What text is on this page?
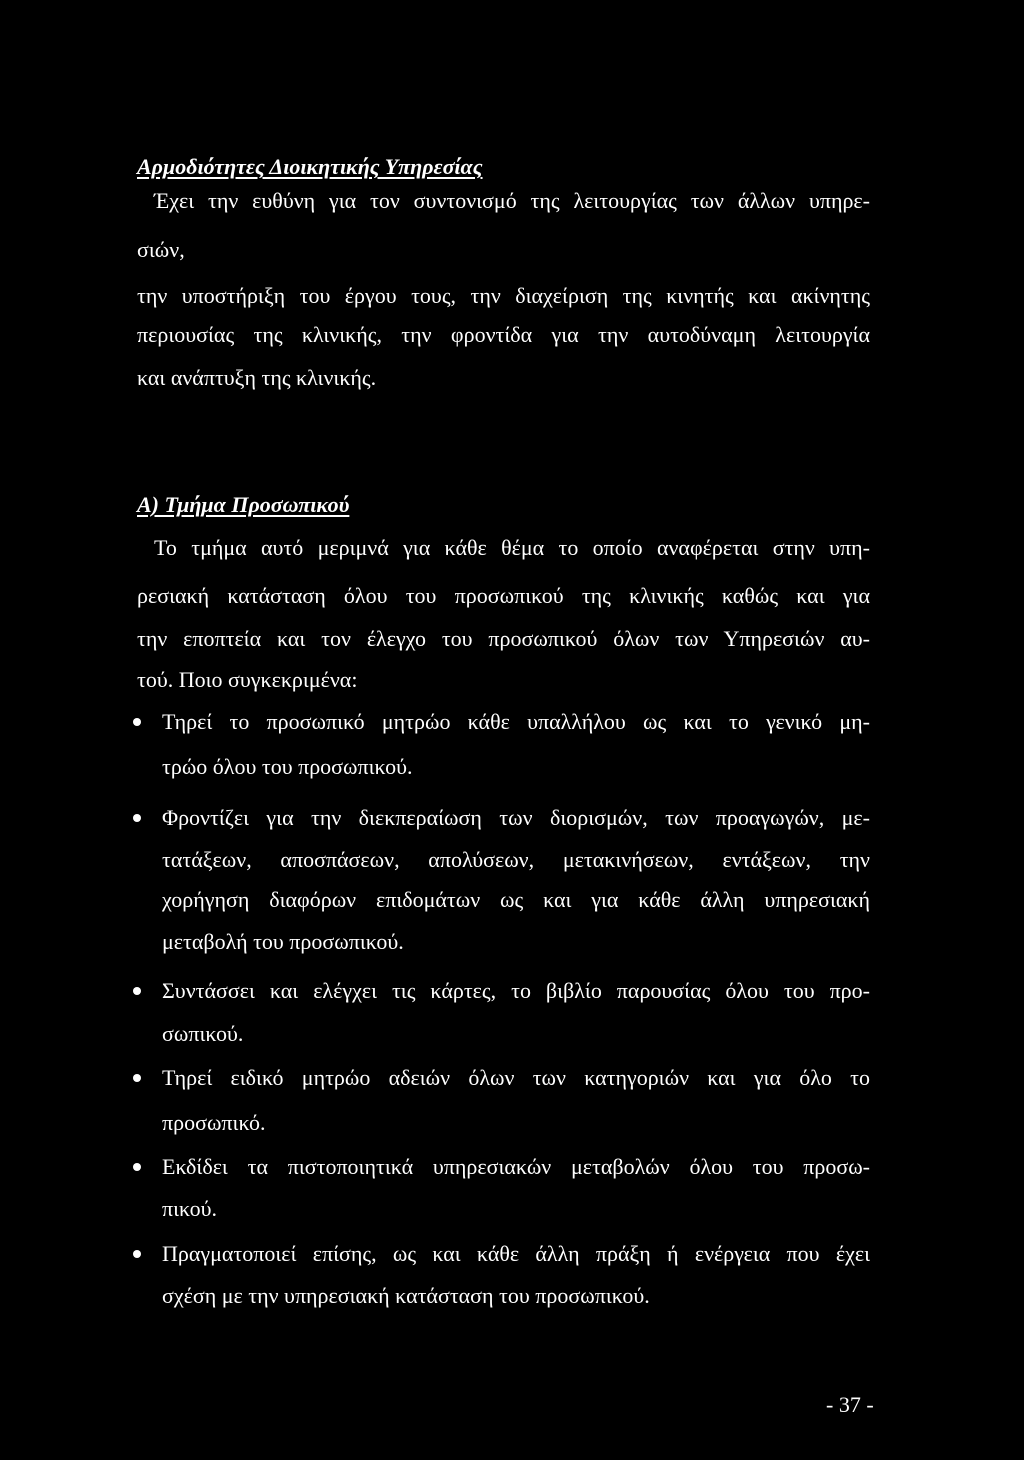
Αρμοδιότητες Διοικητικής Υπηρεσίας
Έχει την ευθύνη για τον συντονισμό της λειτουργίας των άλλων υπηρε-
σιών,
την υποστήριξη του έργου τους, την διαχείριση της κινητής και ακίνητης
περιουσίας της κλινικής, την φροντίδα για την αυτοδύναμη λειτουργία
και ανάπτυξη της κλινικής.
Α) Τμήμα Προσωπικού
Το τμήμα αυτό μεριμνά για κάθε θέμα το οποίο αναφέρεται στην υπη-
ρεσιακή κατάσταση όλου του προσωπικού της κλινικής καθώς και για
την εποπτεία και τον έλεγχο του προσωπικού όλων των Υπηρεσιών αυ-
τού. Ποιο συγκεκριμένα:
Τηρεί το προσωπικό μητρώο κάθε υπαλλήλου ως και το γενικό μη-
τρώο όλου του προσωπικού.
Φροντίζει για την διεκπεραίωση των διορισμών, των προαγωγών, με-
τατάξεων, αποσπάσεων, απολύσεων, μετακινήσεων, εντάξεων, την
χορήγηση διαφόρων επιδομάτων ως και για κάθε άλλη υπηρεσιακή
μεταβολή του προσωπικού.
Συντάσσει και ελέγχει τις κάρτες, το βιβλίο παρουσίας όλου του προ-
σωπικού.
Τηρεί ειδικό μητρώο αδειών όλων των κατηγοριών και για όλο το
προσωπικό.
Εκδίδει τα πιστοποιητικά υπηρεσιακών μεταβολών όλου του προσω-
πικού.
Πραγματοποιεί επίσης, ως και κάθε άλλη πράξη ή ενέργεια που έχει
σχέση με την υπηρεσιακή κατάσταση του προσωπικού.
- 37 -
